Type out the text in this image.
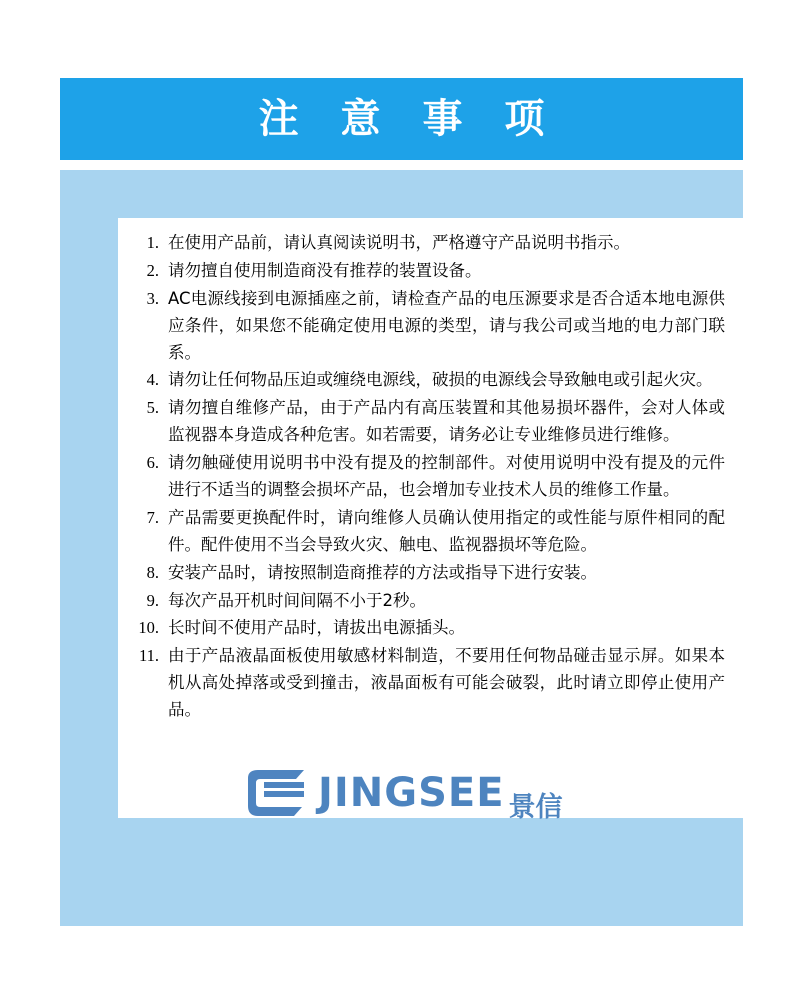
注 意 事 项
1. 在使用产品前，请认真阅读说明书，严格遵守产品说明书指示。
2. 请勿擅自使用制造商没有推荐的装置设备。
3. AC电源线接到电源插座之前，请检查产品的电压源要求是否合适本地电源供应条件，如果您不能确定使用电源的类型，请与我公司或当地的电力部门联系。
4. 请勿让任何物品压迫或缠绕电源线，破损的电源线会导致触电或引起火灾。
5. 请勿擅自维修产品，由于产品内有高压装置和其他易损坏器件，会对人体或监视器本身造成各种危害。如若需要，请务必让专业维修员进行维修。
6. 请勿触碰使用说明书中没有提及的控制部件。对使用说明中没有提及的元件进行不适当的调整会损坏产品，也会增加专业技术人员的维修工作量。
7. 产品需要更换配件时，请向维修人员确认使用指定的或性能与原件相同的配件。配件使用不当会导致火灾、触电、监视器损坏等危险。
8. 安装产品时，请按照制造商推荐的方法或指导下进行安装。
9. 每次产品开机时间间隔不小于2秒。
10. 长时间不使用产品时，请拔出电源插头。
11. 由于产品液晶面板使用敏感材料制造，不要用任何物品碰击显示屏。如果本机从高处掉落或受到撞击，液晶面板有可能会破裂，此时请立即停止使用产品。
JINGSEE 景信
